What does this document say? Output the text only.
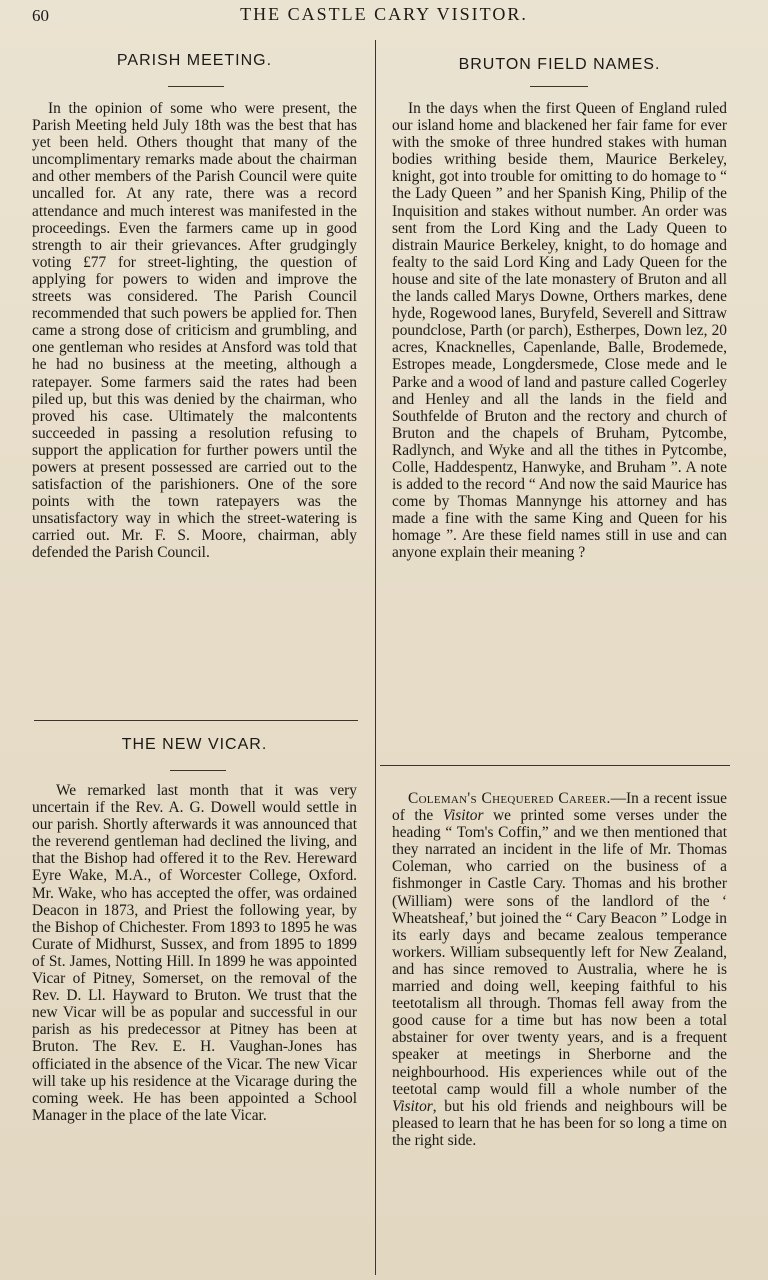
60	THE CASTLE CARY VISITOR.
PARISH MEETING.

In the opinion of some who were present, the Parish Meeting held July 18th was the best that has yet been held. Others thought that many of the uncomplimentary remarks made about the chairman and other members of the Parish Council were quite uncalled for. At any rate, there was a record attendance and much interest was manifested in the proceedings. Even the farmers came up in good strength to air their grievances. After grudgingly voting £77 for street-lighting, the question of applying for powers to widen and improve the streets was considered. The Parish Council recommended that such powers be applied for. Then came a strong dose of criticism and grumbling, and one gentleman who resides at Ansford was told that he had no business at the meeting, although a ratepayer. Some farmers said the rates had been piled up, but this was denied by the chairman, who proved his case. Ultimately the malcontents succeeded in passing a resolution refusing to support the application for further powers until the powers at present possessed are carried out to the satisfaction of the parishioners. One of the sore points with the town ratepayers was the unsatisfactory way in which the street-watering is carried out. Mr. F. S. Moore, chairman, ably defended the Parish Council.

THE NEW VICAR.

We remarked last month that it was very uncertain if the Rev. A. G. Dowell would settle in our parish. Shortly afterwards it was announced that the reverend gentleman had declined the living, and that the Bishop had offered it to the Rev. Hereward Eyre Wake, M.A., of Worcester College, Oxford. Mr. Wake, who has accepted the offer, was ordained Deacon in 1873, and Priest the following year, by the Bishop of Chichester. From 1893 to 1895 he was Curate of Midhurst, Sussex, and from 1895 to 1899 of St. James, Notting Hill. In 1899 he was appointed Vicar of Pitney, Somerset, on the removal of the Rev. D. Ll. Hayward to Bruton. We trust that the new Vicar will be as popular and successful in our parish as his predecessor at Pitney has been at Bruton. The Rev. E. H. Vaughan-Jones has officiated in the absence of the Vicar. The new Vicar will take up his residence at the Vicarage during the coming week. He has been appointed a School Manager in the place of the late Vicar.

BRUTON FIELD NAMES.

In the days when the first Queen of England ruled our island home and blackened her fair fame for ever with the smoke of three hundred stakes with human bodies writhing beside them, Maurice Berkeley, knight, got into trouble for omitting to do homage to “ the Lady Queen ” and her Spanish King, Philip of the Inquisition and stakes without number. An order was sent from the Lord King and the Lady Queen to distrain Maurice Berkeley, knight, to do homage and fealty to the said Lord King and Lady Queen for the house and site of the late monastery of Bruton and all the lands called Marys Downe, Orthers markes, dene hyde, Rogewood lanes, Buryfeld, Severell and Sittraw poundclose, Parth (or parch), Estherpes, Down lez, 20 acres, Knacknelles, Capenlande, Balle, Brodemede, Estropes meade, Longdersmede, Close mede and le Parke and a wood of land and pasture called Cogerley and Henley and all the lands in the field and Southfelde of Bruton and the rectory and church of Bruton and the chapels of Bruham, Pytcombe, Radlynch, and Wyke and all the tithes in Pytcombe, Colle, Haddespentz, Hanwyke, and Bruham ”. A note is added to the record “ And now the said Maurice has come by Thomas Mannynge his attorney and has made a fine with the same King and Queen for his homage ”. Are these field names still in use and can anyone explain their meaning ?

Coleman's Chequered Career.—In a recent issue of the Visitor we printed some verses under the heading “ Tom's Coffin,” and we then mentioned that they narrated an incident in the life of Mr. Thomas Coleman, who carried on the business of a fishmonger in Castle Cary. Thomas and his brother (William) were sons of the landlord of the ‘ Wheatsheaf,’ but joined the “ Cary Beacon ” Lodge in its early days and became zealous temperance workers. William subsequently left for New Zealand, and has since removed to Australia, where he is married and doing well, keeping faithful to his teetotalism all through. Thomas fell away from the good cause for a time but has now been a total abstainer for over twenty years, and is a frequent speaker at meetings in Sherborne and the neighbourhood. His experiences while out of the teetotal camp would fill a whole number of the Visitor, but his old friends and neighbours will be pleased to learn that he has been for so long a time on the right side.
